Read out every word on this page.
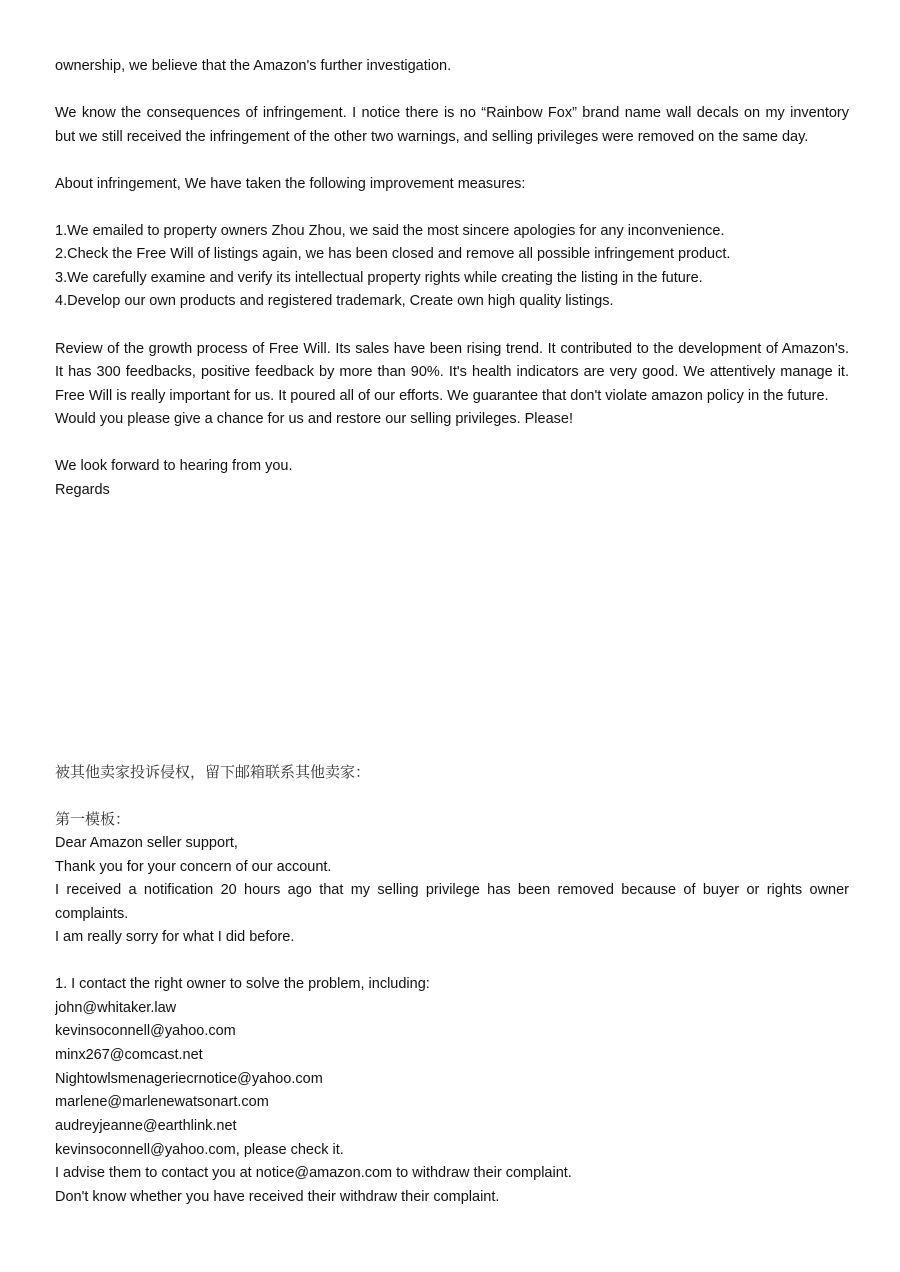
ownership, we believe that the Amazon's further investigation.
We know the consequences of infringement. I notice there is no “Rainbow Fox” brand name wall decals on my inventory
but we still received the infringement of the other two warnings, and selling privileges were removed on the same day.
About infringement, We have taken the following improvement measures:
1.We emailed to property owners Zhou Zhou, we said the most sincere apologies for any inconvenience.
2.Check the Free Will of listings again, we has been closed and remove all possible infringement product.
3.We carefully examine and verify its intellectual property rights while creating the listing in the future.
4.Develop our own products and registered trademark, Create own high quality listings.
Review of the growth process of Free Will. Its sales have been rising trend. It contributed to the development of Amazon's.
It has 300 feedbacks, positive feedback by more than 90%. It's health indicators are very good. We attentively manage it.
Free Will is really important for us. It poured all of our efforts. We guarantee that don't violate amazon policy in the future.
Would you please give a chance for us and restore our selling privileges. Please!
We look forward to hearing from you.
Regards
被其他卖家投诉侵权，留下邮箱联系其他卖家：
第一模板：
Dear Amazon seller support,
Thank you for your concern of our account.
I received a notification 20 hours ago that my selling privilege has been removed because of buyer or rights owner
complaints.
I am really sorry for what I did before.
1. I contact the right owner to solve the problem, including:
john@whitaker.law
kevinsoconnell@yahoo.com
minx267@comcast.net
Nightowlsmenageriecrnotice@yahoo.com
marlene@marlenewatsonart.com
audreyjeanne@earthlink.net
kevinsoconnell@yahoo.com, please check it.
I advise them to contact you at notice@amazon.com to withdraw their complaint.
Don't know whether you have received their withdraw their complaint.
